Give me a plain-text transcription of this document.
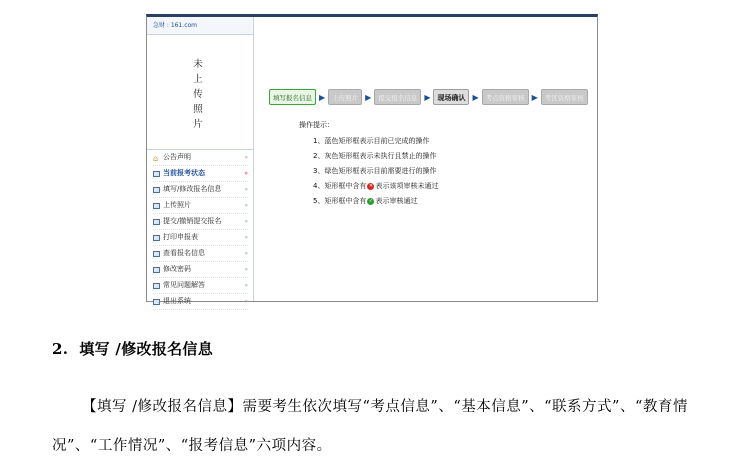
急财 : 161.com
未上传照片
⌂ 公告声明	»
当前报考状态	»
填写/修改报名信息	»
上传照片	»
提交/撤销提交报名	»
打印申报表	»
查看报名信息	»
修改密码	»
常见问题解答	»
退出系统	»
填写报名信息 ▶	上传照片 ▶	提交报名信息 ▶	现场确认 ▶	考点资格审核 ▶	考区资格审核
操作提示：
1、 蓝色矩形框表示目前已完成的操作
2、 灰色矩形框表示未执行且禁止的操作
3、 绿色矩形框表示目前需要进行的操作
4、 矩形框中含有 ✕ 表示该项审核未通过
5、 矩形框中含有 ✓ 表示审核通过
2. 填写 /修改报名信息
【填写 /修改报名信息】需要考生依次填写“考点信息”、“基本信息”、“联系方式”、“教育情况”、“工作情况”、“报考信息”六项内容。
